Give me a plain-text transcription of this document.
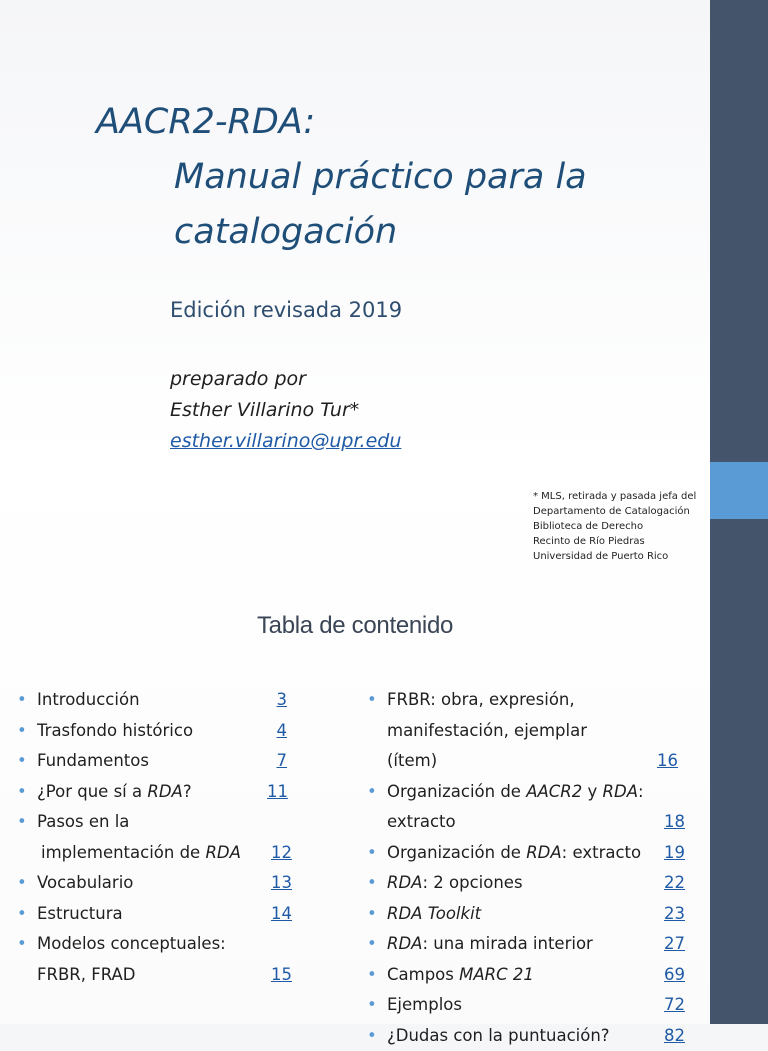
AACR2-RDA:
Manual práctico para la
catalogación
Edición revisada 2019
preparado por
Esther Villarino Tur*
esther.villarino@upr.edu
* MLS, retirada y pasada jefa del
Departamento de Catalogación
Biblioteca de Derecho
Recinto de Río Piedras
Universidad de Puerto Rico
Tabla de contenido
• Introducción	3
• Trasfondo histórico	4
• Fundamentos	7
• ¿Por que sí a RDA?	11
• Pasos en la
implementación de RDA	12
• Vocabulario	13
• Estructura	14
• Modelos conceptuales:
FRBR, FRAD	15
• FRBR: obra, expresión,
manifestación, ejemplar
(ítem)	16
• Organización de AACR2 y RDA:
extracto	18
• Organización de RDA: extracto	19
• RDA: 2 opciones	22
• RDA Toolkit	23
• RDA: una mirada interior	27
• Campos MARC 21	69
• Ejemplos	72
• ¿Dudas con la puntuación?	82
